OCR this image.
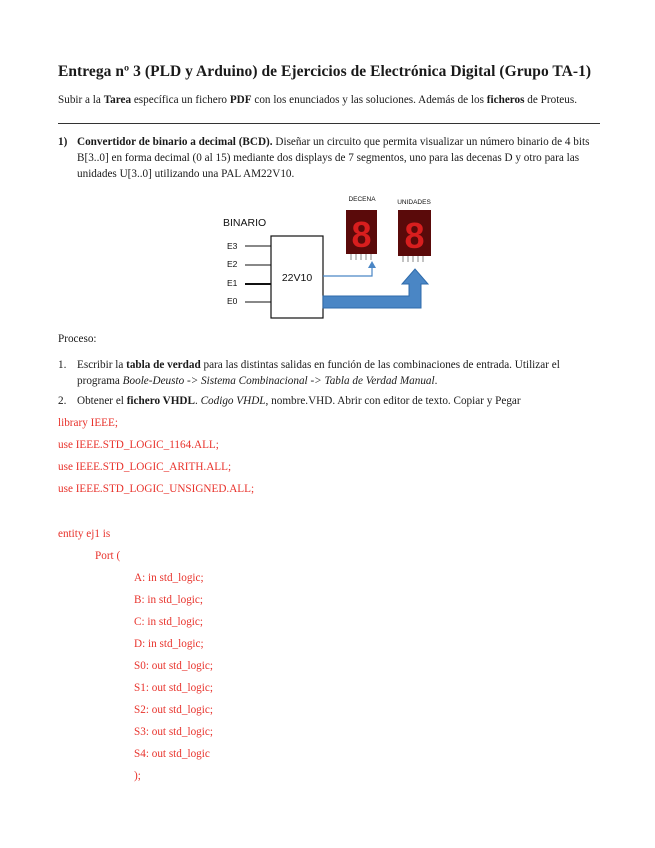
Entrega nº 3 (PLD y Arduino) de Ejercicios de Electrónica Digital (Grupo TA-1)
Subir a la Tarea específica un fichero PDF con los enunciados y las soluciones. Además de los ficheros de Proteus.
1) Convertidor de binario a decimal (BCD). Diseñar un circuito que permita visualizar un número binario de 4 bits B[3..0] en forma decimal (0 al 15) mediante dos displays de 7 segmentos, uno para las decenas D y otro para las unidades U[3..0] utilizando una PAL AM22V10.
BINARIO
E3
E2
E1
E0
22V10
DECENA	UNIDADES
8 8
Proceso:
1. Escribir la tabla de verdad para las distintas salidas en función de las combinaciones de entrada. Utilizar el programa Boole-Deusto -> Sistema Combinacional -> Tabla de Verdad Manual.
2. Obtener el fichero VHDL. Codigo VHDL, nombre.VHD. Abrir con editor de texto. Copiar y Pegar
library IEEE;
use IEEE.STD_LOGIC_1164.ALL;
use IEEE.STD_LOGIC_ARITH.ALL;
use IEEE.STD_LOGIC_UNSIGNED.ALL;
entity ej1 is
Port (
A: in std_logic;
B: in std_logic;
C: in std_logic;
D: in std_logic;
S0: out std_logic;
S1: out std_logic;
S2: out std_logic;
S3: out std_logic;
S4: out std_logic
);
